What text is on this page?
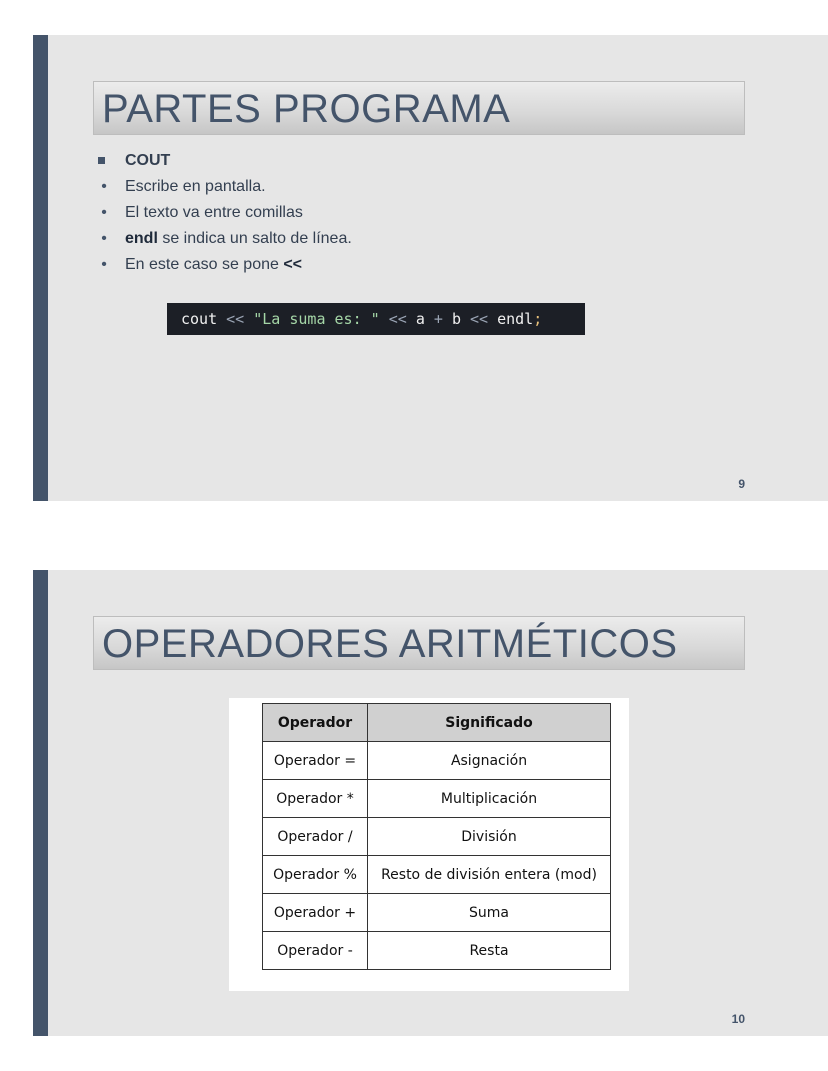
PARTES PROGRAMA
COUT
• Escribe en pantalla.
• El texto va entre comillas
• endl se indica un salto de línea.
• En este caso se pone <<
cout << "La suma es: " << a + b << endl;
9
OPERADORES ARITMÉTICOS
Operador	Significado
Operador =	Asignación
Operador *	Multiplicación
Operador /	División
Operador %	Resto de división entera (mod)
Operador +	Suma
Operador -	Resta
10
